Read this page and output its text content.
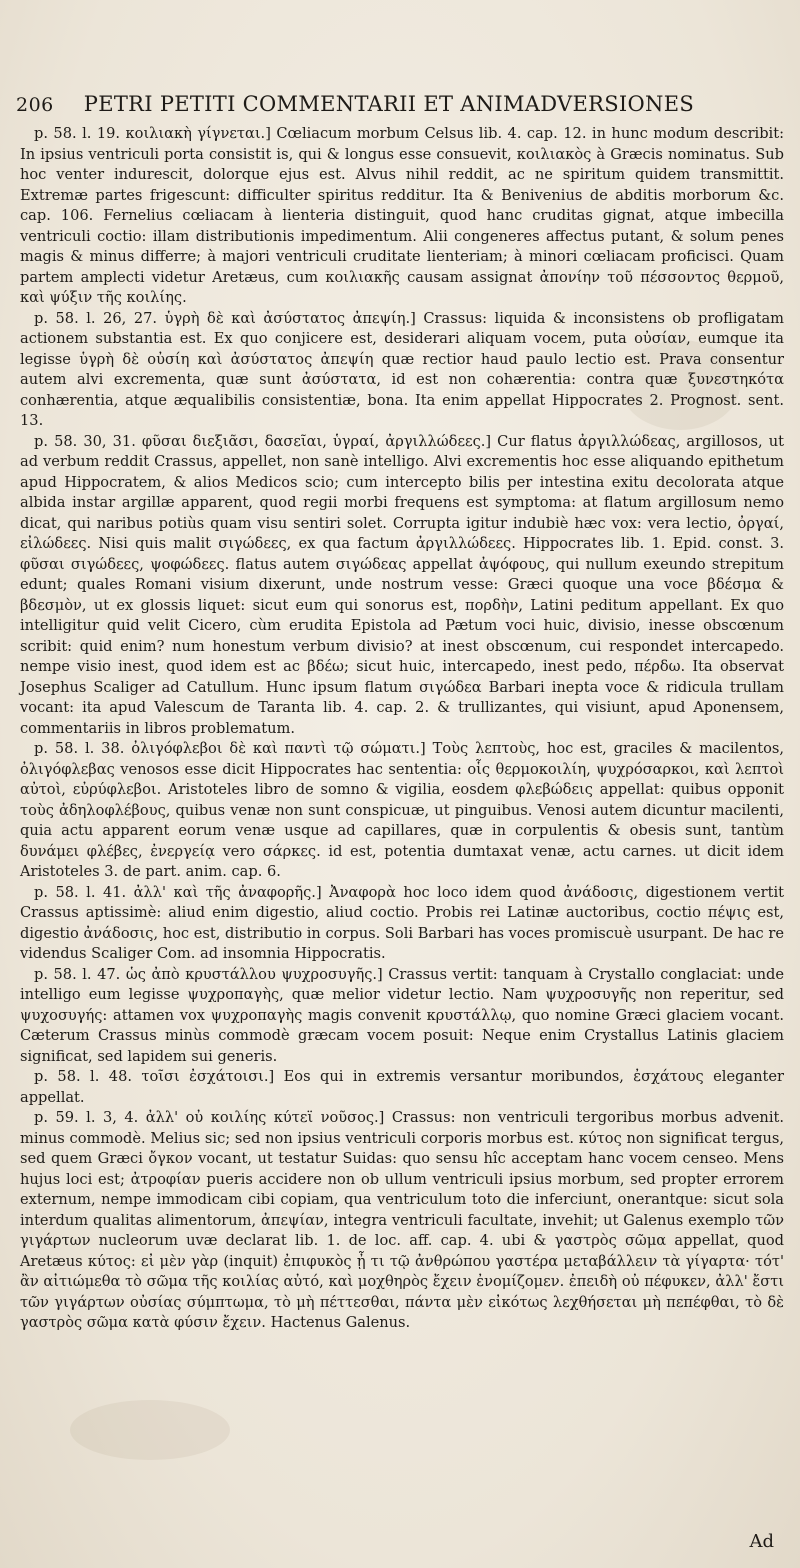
206 PETRI PETITI COMMENTARII ET ANIMADVERSIONES

p. 58. l. 19. κοιλιακὴ γίγνεται.] Cœliacum morbum Celsus lib. 4. cap. 12. in hunc modum describit: In ipsius ventriculi porta consistit is, qui & longus esse consuevit, κοιλιακὸς à Græcis nominatus. Sub hoc venter indurescit, dolorque ejus est. Alvus nihil reddit, ac ne spiritum quidem transmittit. Extremæ partes frigescunt: difficulter spiritus redditur. Ita & Benivenius de abditis morborum &c. cap. 106. Fernelius cœliacam à lienteria distinguit, quod hanc cruditas gignat, atque imbecilla ventriculi coctio: illam distributionis impedimentum. Alii congeneres affectus putant, & solum penes magis & minus differre; à majori ventriculi cruditate lienteriam; à minori cœliacam proficisci. Quam partem amplecti videtur Aretæus, cum κοιλιακῆς causam assignat ἀπονίην τοῦ πέσσοντος θερμοῦ, καὶ ψύξιν τῆς κοιλίης.

p. 58. l. 26, 27. ὑγρὴ δὲ καὶ ἀσύστατος ἀπεψίη.] Crassus: liquida & inconsistens ob profligatam actionem substantia est. Ex quo conjicere est, desiderari aliquam vocem, puta οὐσίαν, eumque ita legisse ὑγρὴ δὲ οὐσίη καὶ ἀσύστατος ἀπεψίη quæ rectior haud paulo lectio est. Prava consentur autem alvi excrementa, quæ sunt ἀσύστατα, id est non cohærentia: contra quæ ξυνεστηκότα conhærentia, atque æqualibilis consistentiæ, bona. Ita enim appellat Hippocrates 2. Prognost. sent. 13.

p. 58. 30, 31. φῦσαι διεξιᾶσι, δασεῖαι, ὑγραί, ἀργιλλώδεες.] Cur flatus ἀργιλλώδεας, argillosos, ut ad verbum reddit Crassus, appellet, non sanè intelligo. Alvi excrementis hoc esse aliquando epithetum apud Hippocratem, & alios Medicos scio; cum intercepto bilis per intestina exitu decolorata atque albida instar argillæ apparent, quod regii morbi frequens est symptoma: at flatum argillosum nemo dicat, qui naribus potiùs quam visu sentiri solet. Corrupta igitur indubiè hæc vox: vera lectio, ὀργαί, εἰλώδεες. Nisi quis malit σιγώδεες, ex qua factum ἀργιλλώδεες. Hippocrates lib. 1. Epid. const. 3. φῦσαι σιγώδεες, ψοφώδεες. flatus autem σιγώδεας appellat ἀψόφους, qui nullum exeundo strepitum edunt; quales Romani visium dixerunt, unde nostrum vesse: Græci quoque una voce βδέσμα & βδεσμὸν, ut ex glossis liquet: sicut eum qui sonorus est, πορδὴν, Latini peditum appellant. Ex quo intelligitur quid velit Cicero, cùm erudita Epistola ad Pætum voci huic, divisio, inesse obscœnum scribit: quid enim? num honestum verbum divisio? at inest obscœnum, cui respondet intercapedo. nempe visio inest, quod idem est ac βδέω; sicut huic, intercapedo, inest pedo, πέρδω. Ita observat Josephus Scaliger ad Catullum. Hunc ipsum flatum σιγώδεα Barbari inepta voce & ridicula trullam vocant: ita apud Valescum de Taranta lib. 4. cap. 2. & trullizantes, qui visiunt, apud Aponensem, commentariis in libros problematum.

p. 58. l. 38. ὀλιγόφλεβοι δὲ καὶ παντὶ τῷ σώματι.] Τοὺς λεπτοὺς, hoc est, graciles & macilentos, ὀλιγόφλεβας venosos esse dicit Hippocrates hac sententia: οἷς θερμοκοιλίη, ψυχρόσαρκοι, καὶ λεπτοὶ αὐτοὶ, εὐρύφλεβοι. Aristoteles libro de somno & vigilia, eosdem φλεβώδεις appellat: quibus opponit τοὺς ἀδηλοφλέβους, quibus venæ non sunt conspicuæ, ut pinguibus. Venosi autem dicuntur macilenti, quia actu apparent eorum venæ usque ad capillares, quæ in corpulentis & obesis sunt, tantùm δυνάμει φλέβες, ἐνεργείᾳ vero σάρκες. id est, potentia dumtaxat venæ, actu carnes. ut dicit idem Aristoteles 3. de part. anim. cap. 6.

p. 58. l. 41. ἀλλ' καὶ τῆς ἀναφορῆς.] Ἀναφορὰ hoc loco idem quod ἀνάδοσις, digestionem vertit Crassus aptissimè: aliud enim digestio, aliud coctio. Probis rei Latinæ auctoribus, coctio πέψις est, digestio ἀνάδοσις, hoc est, distributio in corpus. Soli Barbari has voces promiscuè usurpant. De hac re videndus Scaliger Com. ad insomnia Hippocratis.

p. 58. l. 47. ὡς ἀπὸ κρυστάλλου ψυχροσυγῆς.] Crassus vertit: tanquam à Crystallo conglaciat: unde intelligo eum legisse ψυχροπαγὴς, quæ melior videtur lectio. Nam ψυχροσυγῆς non reperitur, sed ψυχοσυγής: attamen vox ψυχροπαγὴς magis convenit κρυστάλλῳ, quo nomine Græci glaciem vocant. Cæterum Crassus minùs commodè græcam vocem posuit: Neque enim Crystallus Latinis glaciem significat, sed lapidem sui generis.

p. 58. l. 48. τοῖσι ἐσχάτοισι.] Eos qui in extremis versantur moribundos, ἐσχάτους eleganter appellat.

p. 59. l. 3, 4. ἀλλ' οὐ κοιλίης κύτεϊ νοῦσος.] Crassus: non ventriculi tergoribus morbus advenit. minus commodè. Melius sic; sed non ipsius ventriculi corporis morbus est. κύτος non significat tergus, sed quem Græci ὄγκον vocant, ut testatur Suidas: quo sensu hîc acceptam hanc vocem censeo. Mens hujus loci est; ἀτροφίαν pueris accidere non ob ullum ventriculi ipsius morbum, sed propter errorem externum, nempe immodicam cibi copiam, qua ventriculum toto die inferciunt, onerantque: sicut sola interdum qualitas alimentorum, ἀπεψίαν, integra ventriculi facultate, invehit; ut Galenus exemplo τῶν γιγάρτων nucleorum uvæ declarat lib. 1. de loc. aff. cap. 4. ubi & γαστρὸς σῶμα appellat, quod Aretæus κύτος: εἰ μὲν γὰρ (inquit) ἐπιφυκὸς ᾖ τι τῷ ἀνθρώπου γαστέρα μεταβάλλειν τὰ γίγαρτα· τότ' ἂν αἰτιώμεθα τὸ σῶμα τῆς κοιλίας αὐτό, καὶ μοχθηρὸς ἔχειν ἐνομίζομεν. ἐπειδὴ οὐ πέφυκεν, ἀλλ' ἔστι τῶν γιγάρτων οὐσίας σύμπτωμα, τὸ μὴ πέττεσθαι, πάντα μὲν εἰκότως λεχθήσεται μὴ πεπέφθαι, τὸ δὲ γαστρὸς σῶμα κατὰ φύσιν ἔχειν. Hactenus Galenus.

Ad
